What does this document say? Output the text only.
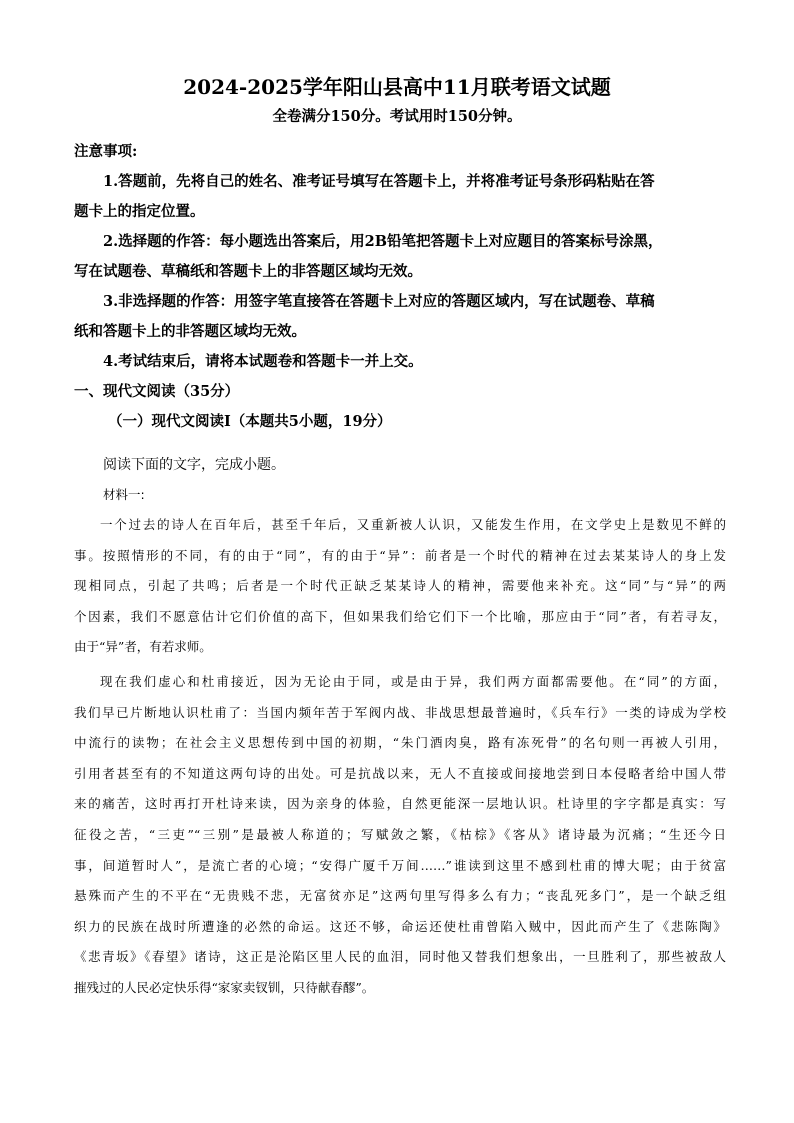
2024-2025学年阳山县高中11月联考语文试题
全卷满分150分。考试用时150分钟。
注意事项:
1.答题前，先将自己的姓名、准考证号填写在答题卡上，并将准考证号条形码粘贴在答
题卡上的指定位置。
2.选择题的作答：每小题选出答案后，用2B铅笔把答题卡上对应题目的答案标号涂黑，
写在试题卷、草稿纸和答题卡上的非答题区域均无效。
3.非选择题的作答：用签字笔直接答在答题卡上对应的答题区域内，写在试题卷、草稿
纸和答题卡上的非答题区域均无效。
4.考试结束后，请将本试题卷和答题卡一并上交。
一、现代文阅读（35分）
（一）现代文阅读Ⅰ（本题共5小题，19分）
阅读下面的文字，完成小题。
材料一:
一个过去的诗人在百年后，甚至千年后，又重新被人认识，又能发生作用，在文学史上是数见不鲜的
事。按照情形的不同，有的由于“同”，有的由于“异”：前者是一个时代的精神在过去某某诗人的身上发
现相同点，引起了共鸣；后者是一个时代正缺乏某某诗人的精神，需要他来补充。这“同”与“异”的两
个因素，我们不愿意估计它们价值的高下，但如果我们给它们下一个比喻，那应由于“同”者，有若寻友，
由于“异”者，有若求师。
现在我们虚心和杜甫接近，因为无论由于同，或是由于异，我们两方面都需要他。在“同”的方面，
我们早已片断地认识杜甫了：当国内频年苦于军阀内战、非战思想最普遍时，《兵车行》一类的诗成为学校
中流行的读物；在社会主义思想传到中国的初期，“朱门酒肉臭，路有冻死骨”的名句则一再被人引用，
引用者甚至有的不知道这两句诗的出处。可是抗战以来，无人不直接或间接地尝到日本侵略者给中国人带
来的痛苦，这时再打开杜诗来读，因为亲身的体验，自然更能深一层地认识。杜诗里的字字都是真实：写
征役之苦，“三吏”“三别”是最被人称道的；写赋敛之繁，《枯棕》《客从》诸诗最为沉痛；“生还今日
事，间道暂时人”，是流亡者的心境；“安得广厦千万间……”谁读到这里不感到杜甫的博大呢；由于贫富
悬殊而产生的不平在“无贵贱不悲，无富贫亦足”这两句里写得多么有力；“丧乱死多门”，是一个缺乏组
织力的民族在战时所遭逢的必然的命运。这还不够，命运还使杜甫曾陷入贼中，因此而产生了《悲陈陶》
《悲青坂》《春望》诸诗，这正是沦陷区里人民的血泪，同时他又替我们想象出，一旦胜利了，那些被敌人
摧残过的人民必定快乐得“家家卖钗钏，只待献春醪”。
